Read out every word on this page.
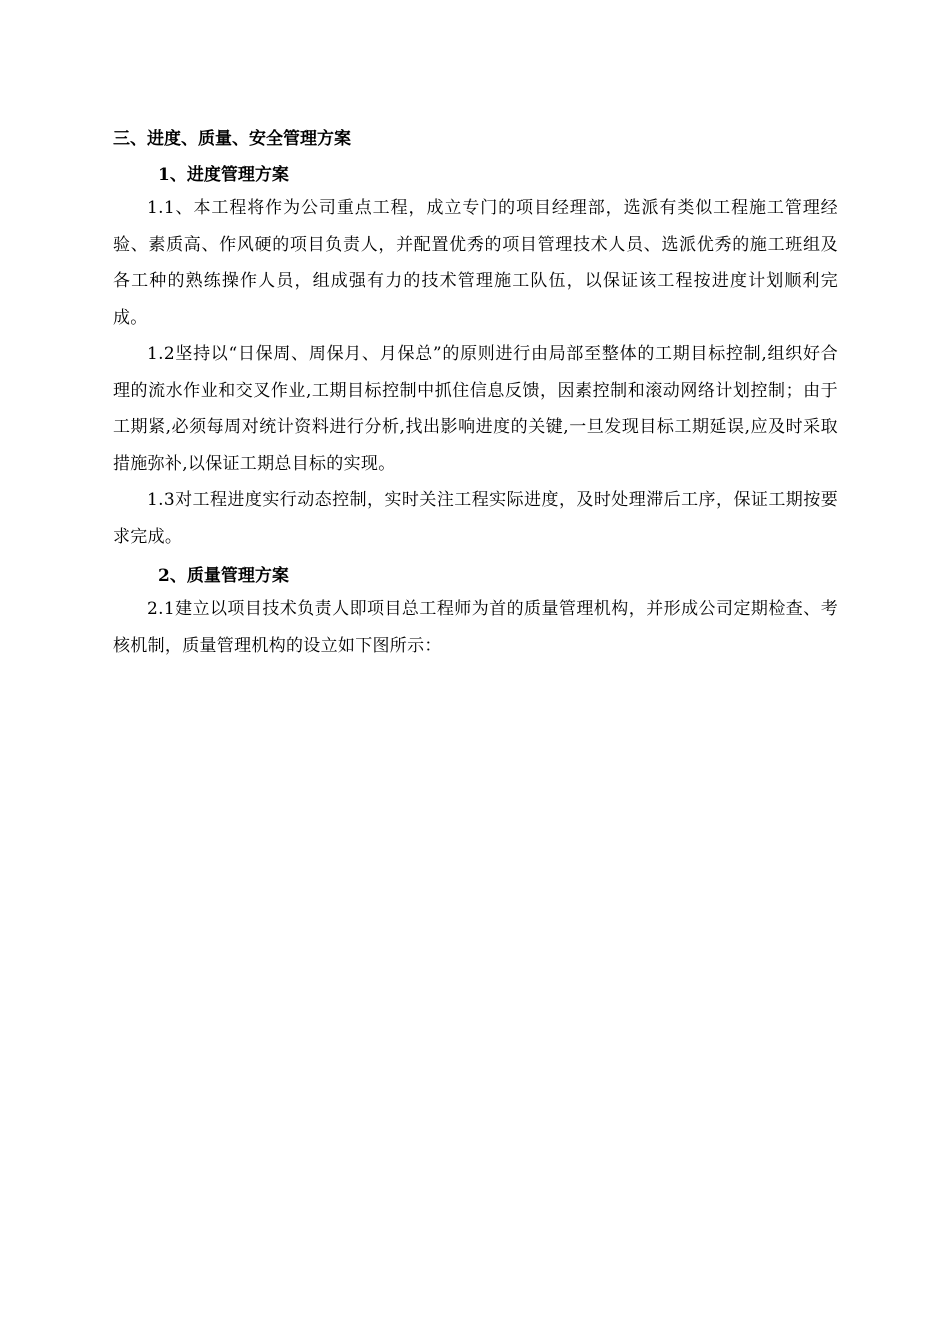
三、进度、质量、安全管理方案

1、进度管理方案

1.1、本工程将作为公司重点工程，成立专门的项目经理部，选派有类似工程施工管理经验、素质高、作风硬的项目负责人，并配置优秀的项目管理技术人员、选派优秀的施工班组及各工种的熟练操作人员，组成强有力的技术管理施工队伍，以保证该工程按进度计划顺利完成。

1.2坚持以“日保周、周保月、月保总”的原则进行由局部至整体的工期目标控制,组织好合理的流水作业和交叉作业,工期目标控制中抓住信息反馈，因素控制和滚动网络计划控制；由于工期紧,必须每周对统计资料进行分析,找出影响进度的关键,一旦发现目标工期延误,应及时采取措施弥补,以保证工期总目标的实现。

1.3对工程进度实行动态控制，实时关注工程实际进度，及时处理滞后工序，保证工期按要求完成。

2、质量管理方案

2.1建立以项目技术负责人即项目总工程师为首的质量管理机构，并形成公司定期检查、考核机制，质量管理机构的设立如下图所示：
